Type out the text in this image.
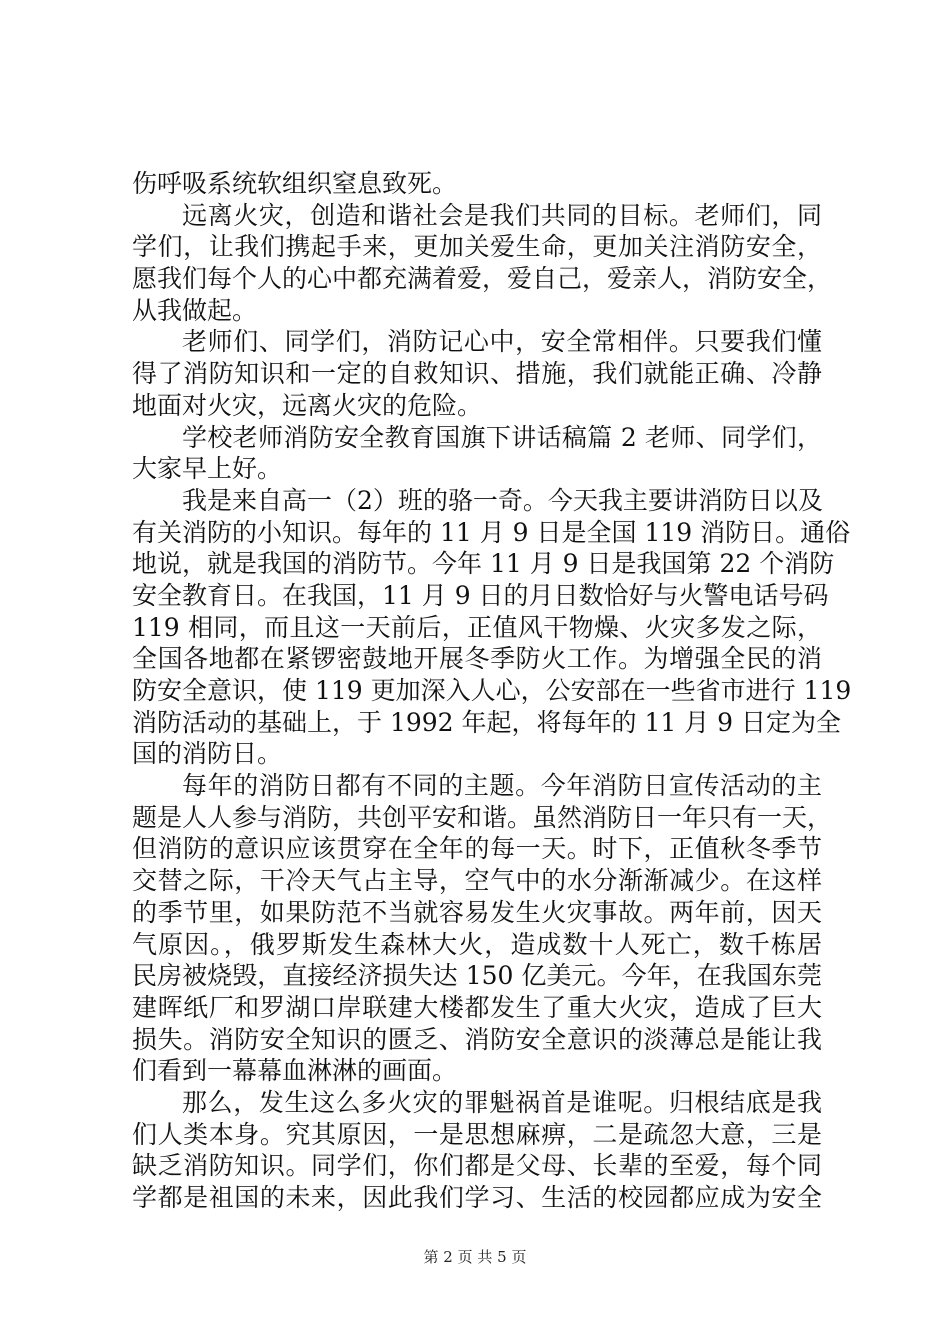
伤呼吸系统软组织窒息致死。
远离火灾，创造和谐社会是我们共同的目标。老师们，同
学们，让我们携起手来，更加关爱生命，更加关注消防安全，
愿我们每个人的心中都充满着爱，爱自己，爱亲人，消防安全，
从我做起。
老师们、同学们，消防记心中，安全常相伴。只要我们懂
得了消防知识和一定的自救知识、措施，我们就能正确、冷静
地面对火灾，远离火灾的危险。
学校老师消防安全教育国旗下讲话稿篇 2 老师、同学们，
大家早上好。
我是来自高一（2）班的骆一奇。今天我主要讲消防日以及
有关消防的小知识。每年的 11 月 9 日是全国 119 消防日。通俗
地说，就是我国的消防节。今年 11 月 9 日是我国第 22 个消防
安全教育日。在我国，11 月 9 日的月日数恰好与火警电话号码
119 相同，而且这一天前后，正值风干物燥、火灾多发之际，
全国各地都在紧锣密鼓地开展冬季防火工作。为增强全民的消
防安全意识，使 119 更加深入人心，公安部在一些省市进行 119
消防活动的基础上，于 1992 年起，将每年的 11 月 9 日定为全
国的消防日。
每年的消防日都有不同的主题。今年消防日宣传活动的主
题是人人参与消防，共创平安和谐。虽然消防日一年只有一天，
但消防的意识应该贯穿在全年的每一天。时下，正值秋冬季节
交替之际，干冷天气占主导，空气中的水分渐渐减少。在这样
的季节里，如果防范不当就容易发生火灾事故。两年前，因天
气原因。，俄罗斯发生森林大火，造成数十人死亡，数千栋居
民房被烧毁，直接经济损失达 150 亿美元。今年，在我国东莞
建晖纸厂和罗湖口岸联建大楼都发生了重大火灾，造成了巨大
损失。消防安全知识的匮乏、消防安全意识的淡薄总是能让我
们看到一幕幕血淋淋的画面。
那么，发生这么多火灾的罪魁祸首是谁呢。归根结底是我
们人类本身。究其原因，一是思想麻痹，二是疏忽大意，三是
缺乏消防知识。同学们，你们都是父母、长辈的至爱，每个同
学都是祖国的未来，因此我们学习、生活的校园都应成为安全
第 2 页 共 5 页
